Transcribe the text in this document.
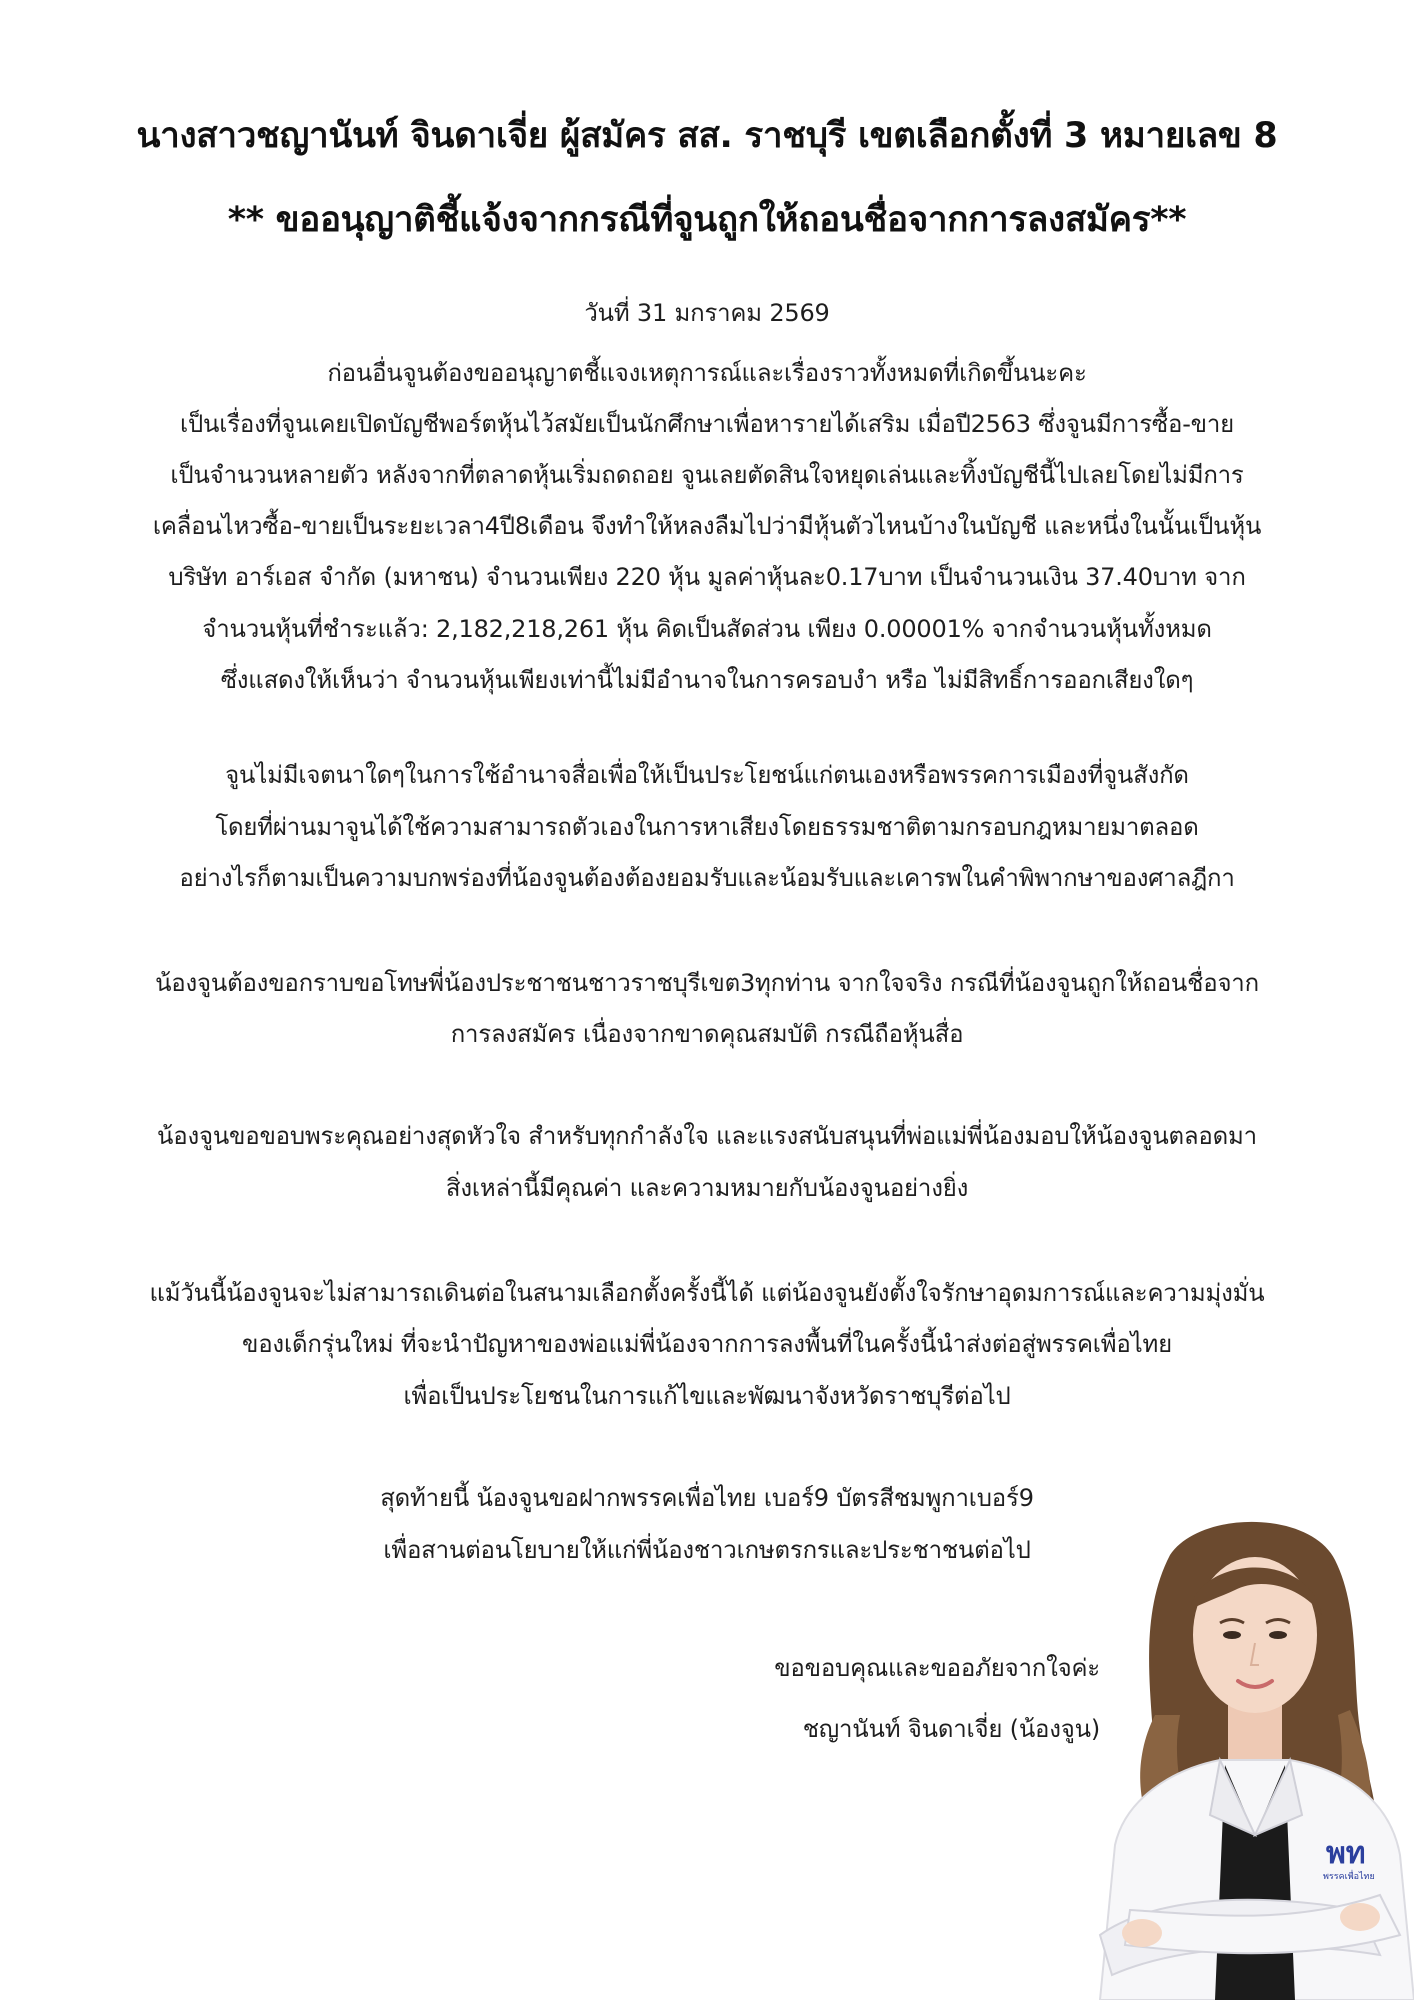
นางสาวชญานันท์ จินดาเจี่ย ผู้สมัคร สส. ราชบุรี เขตเลือกตั้งที่ 3 หมายเลข 8
** ขออนุญาติชี้แจ้งจากกรณีที่จูนถูกให้ถอนชื่อจากการลงสมัคร**
วันที่ 31 มกราคม 2569
ก่อนอื่นจูนต้องขออนุญาตชี้แจงเหตุการณ์และเรื่องราวทั้งหมดที่เกิดขึ้นนะคะ
เป็นเรื่องที่จูนเคยเปิดบัญชีพอร์ตหุ้นไว้สมัยเป็นนักศึกษาเพื่อหารายได้เสริม เมื่อปี2563 ซึ่งจูนมีการซื้อ-ขาย
เป็นจำนวนหลายตัว หลังจากที่ตลาดหุ้นเริ่มถดถอย จูนเลยตัดสินใจหยุดเล่นและทิ้งบัญชีนี้ไปเลยโดยไม่มีการ
เคลื่อนไหวซื้อ-ขายเป็นระยะเวลา4ปี8เดือน จึงทำให้หลงลืมไปว่ามีหุ้นตัวไหนบ้างในบัญชี และหนึ่งในนั้นเป็นหุ้น
บริษัท อาร์เอส จำกัด (มหาชน) จำนวนเพียง 220 หุ้น มูลค่าหุ้นละ0.17บาท เป็นจำนวนเงิน 37.40บาท จาก
จำนวนหุ้นที่ชำระแล้ว: 2,182,218,261 หุ้น คิดเป็นสัดส่วน เพียง 0.00001% จากจำนวนหุ้นทั้งหมด
ซึ่งแสดงให้เห็นว่า จำนวนหุ้นเพียงเท่านี้ไม่มีอำนาจในการครอบงำ หรือ ไม่มีสิทธิ์การออกเสียงใดๆ
จูนไม่มีเจตนาใดๆในการใช้อำนาจสื่อเพื่อให้เป็นประโยชน์แก่ตนเองหรือพรรคการเมืองที่จูนสังกัด
โดยที่ผ่านมาจูนได้ใช้ความสามารถตัวเองในการหาเสียงโดยธรรมชาติตามกรอบกฎหมายมาตลอด
อย่างไรก็ตามเป็นความบกพร่องที่น้องจูนต้องต้องยอมรับและน้อมรับและเคารพในคำพิพากษาของศาลฎีกา
น้องจูนต้องขอกราบขอโทษพี่น้องประชาชนชาวราชบุรีเขต3ทุกท่าน จากใจจริง กรณีที่น้องจูนถูกให้ถอนชื่อจาก
การลงสมัคร เนื่องจากขาดคุณสมบัติ กรณีถือหุ้นสื่อ
น้องจูนขอขอบพระคุณอย่างสุดหัวใจ สำหรับทุกกำลังใจ และแรงสนับสนุนที่พ่อแม่พี่น้องมอบให้น้องจูนตลอดมา
สิ่งเหล่านี้มีคุณค่า และความหมายกับน้องจูนอย่างยิ่ง
แม้วันนี้น้องจูนจะไม่สามารถเดินต่อในสนามเลือกตั้งครั้งนี้ได้ แต่น้องจูนยังตั้งใจรักษาอุดมการณ์และความมุ่งมั่น
ของเด็กรุ่นใหม่ ที่จะนำปัญหาของพ่อแม่พี่น้องจากการลงพื้นที่ในครั้งนี้นำส่งต่อสู่พรรคเพื่อไทย
เพื่อเป็นประโยชนในการแก้ไขและพัฒนาจังหวัดราชบุรีต่อไป
สุดท้ายนี้ น้องจูนขอฝากพรรคเพื่อไทย เบอร์9 บัตรสีชมพูกาเบอร์9
เพื่อสานต่อนโยบายให้แก่พี่น้องชาวเกษตรกรและประชาชนต่อไป
ขอขอบคุณและขออภัยจากใจค่ะ
ชญานันท์ จินดาเจี่ย (น้องจูน)
พท
พรรคเพื่อไทย
